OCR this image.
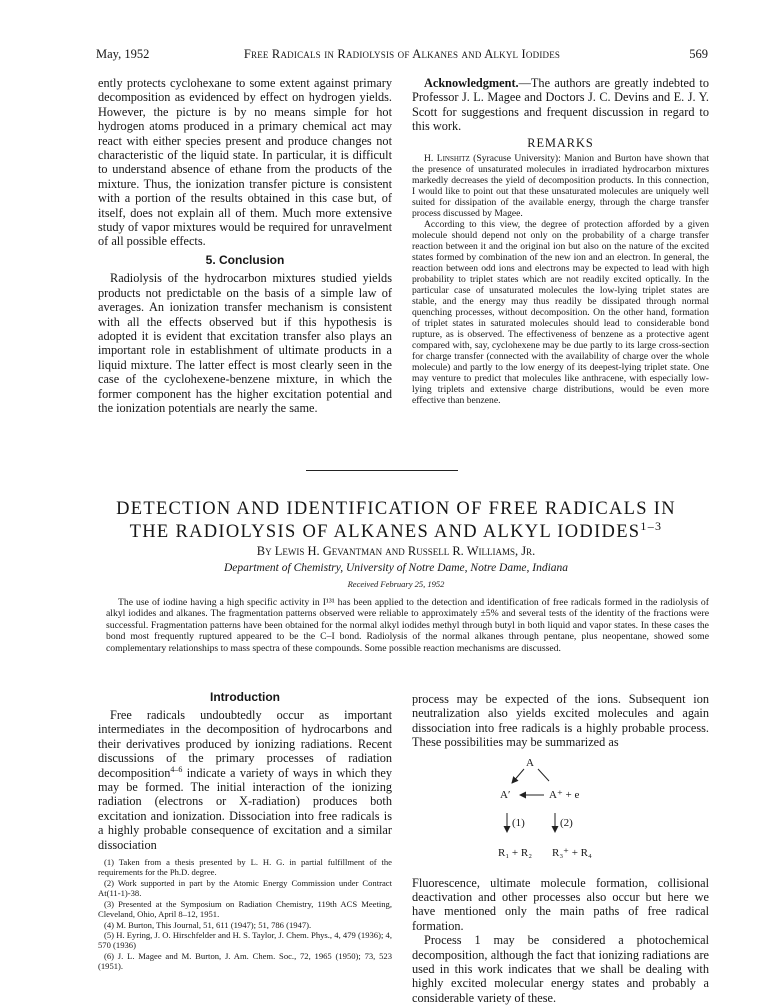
May, 1952	Free Radicals in Radiolysis of Alkanes and Alkyl Iodides	569

ently protects cyclohexane to some extent against primary decomposition as evidenced by effect on hydrogen yields. However, the picture is by no means simple for hot hydrogen atoms produced in a primary chemical act may react with either species present and produce changes not characteristic of the liquid state. In particular, it is difficult to understand absence of ethane from the products of the mixture. Thus, the ionization transfer picture is consistent with a portion of the results obtained in this case but, of itself, does not explain all of them. Much more extensive study of vapor mixtures would be required for unravelment of all possible effects.

5. Conclusion

Radiolysis of the hydrocarbon mixtures studied yields products not predictable on the basis of a simple law of averages. An ionization transfer mechanism is consistent with all the effects observed but if this hypothesis is adopted it is evident that excitation transfer also plays an important role in establishment of ultimate products in a liquid mixture. The latter effect is most clearly seen in the case of the cyclohexene-benzene mixture, in which the former component has the higher excitation potential and the ionization potentials are nearly the same.

Acknowledgment.—The authors are greatly indebted to Professor J. L. Magee and Doctors J. C. Devins and E. J. Y. Scott for suggestions and frequent discussion in regard to this work.

REMARKS

H. Linshitz (Syracuse University): Manion and Burton have shown that the presence of unsaturated molecules in irradiated hydrocarbon mixtures markedly decreases the yield of decomposition products. In this connection, I would like to point out that these unsaturated molecules are uniquely well suited for dissipation of the available energy, through the charge transfer process discussed by Magee.

According to this view, the degree of protection afforded by a given molecule should depend not only on the probability of a charge transfer reaction between it and the original ion but also on the nature of the excited states formed by combination of the new ion and an electron. In general, the reaction between odd ions and electrons may be expected to lead with high probability to triplet states which are not readily excited optically. In the particular case of unsaturated molecules the low-lying triplet states are stable, and the energy may thus readily be dissipated through normal quenching processes, without decomposition. On the other hand, formation of triplet states in saturated molecules should lead to considerable bond rupture, as is observed. The effectiveness of benzene as a protective agent compared with, say, cyclohexene may be due partly to its large cross-section for charge transfer (connected with the availability of charge over the whole molecule) and partly to the low energy of its deepest-lying triplet state. One may venture to predict that molecules like anthracene, with especially low-lying triplets and extensive charge distributions, would be even more effective than benzene.

DETECTION AND IDENTIFICATION OF FREE RADICALS IN
THE RADIOLYSIS OF ALKANES AND ALKYL IODIDES$^{1-3}$
By Lewis H. Gevantman and Russell R. Williams, Jr.
Department of Chemistry, University of Notre Dame, Notre Dame, Indiana
Received February 25, 1952
The use of iodine having a high specific activity in I¹³¹ has been applied to the detection and identification of free radicals formed in the radiolysis of alkyl iodides and alkanes. The fragmentation patterns observed were reliable to approximately ±5% and several tests of the identity of the fractions were successful. Fragmentation patterns have been obtained for the normal alkyl iodides methyl through butyl in both liquid and vapor states. In these cases the bond most frequently ruptured appeared to be the C–I bond. Radiolysis of the normal alkanes through pentane, plus neopentane, showed some complementary relationships to mass spectra of these compounds. Some possible reaction mechanisms are discussed.
Introduction

Free radicals undoubtedly occur as important intermediates in the decomposition of hydrocarbons and their derivatives produced by ionizing radiations. Recent discussions of the primary processes of radiation decomposition$^{4-6}$ indicate a variety of ways in which they may be formed. The initial interaction of the ionizing radiation (electrons or X-radiation) produces both excitation and ionization. Dissociation into free radicals is a highly probable consequence of excitation and a similar dissociation

(1) Taken from a thesis presented by L. H. G. in partial fulfillment of the requirements for the Ph.D. degree.

(2) Work supported in part by the Atomic Energy Commission under Contract At(11-1)-38.

(3) Presented at the Symposium on Radiation Chemistry, 119th ACS Meeting, Cleveland, Ohio, April 8–12, 1951.

(4) M. Burton, This Journal, 51, 611 (1947); 51, 786 (1947).

(5) H. Eyring, J. O. Hirschfelder and H. S. Taylor, J. Chem. Phys., 4, 479 (1936); 4, 570 (1936)

(6) J. L. Magee and M. Burton, J. Am. Chem. Soc., 72, 1965 (1950); 73, 523 (1951).

process may be expected of the ions. Subsequent ion neutralization also yields excited molecules and again dissociation into free radicals is a highly probable process. These possibilities may be summarized as

A
A′	A⁺ + e
(1)	(2)
R₁ + R₂ R₃⁺ + R₄

Fluorescence, ultimate molecule formation, collisional deactivation and other processes also occur but here we have mentioned only the main paths of free radical formation.

Process 1 may be considered a photochemical decomposition, although the fact that ionizing radiations are used in this work indicates that we shall be dealing with highly excited molecular energy states and probably a considerable variety of these.
